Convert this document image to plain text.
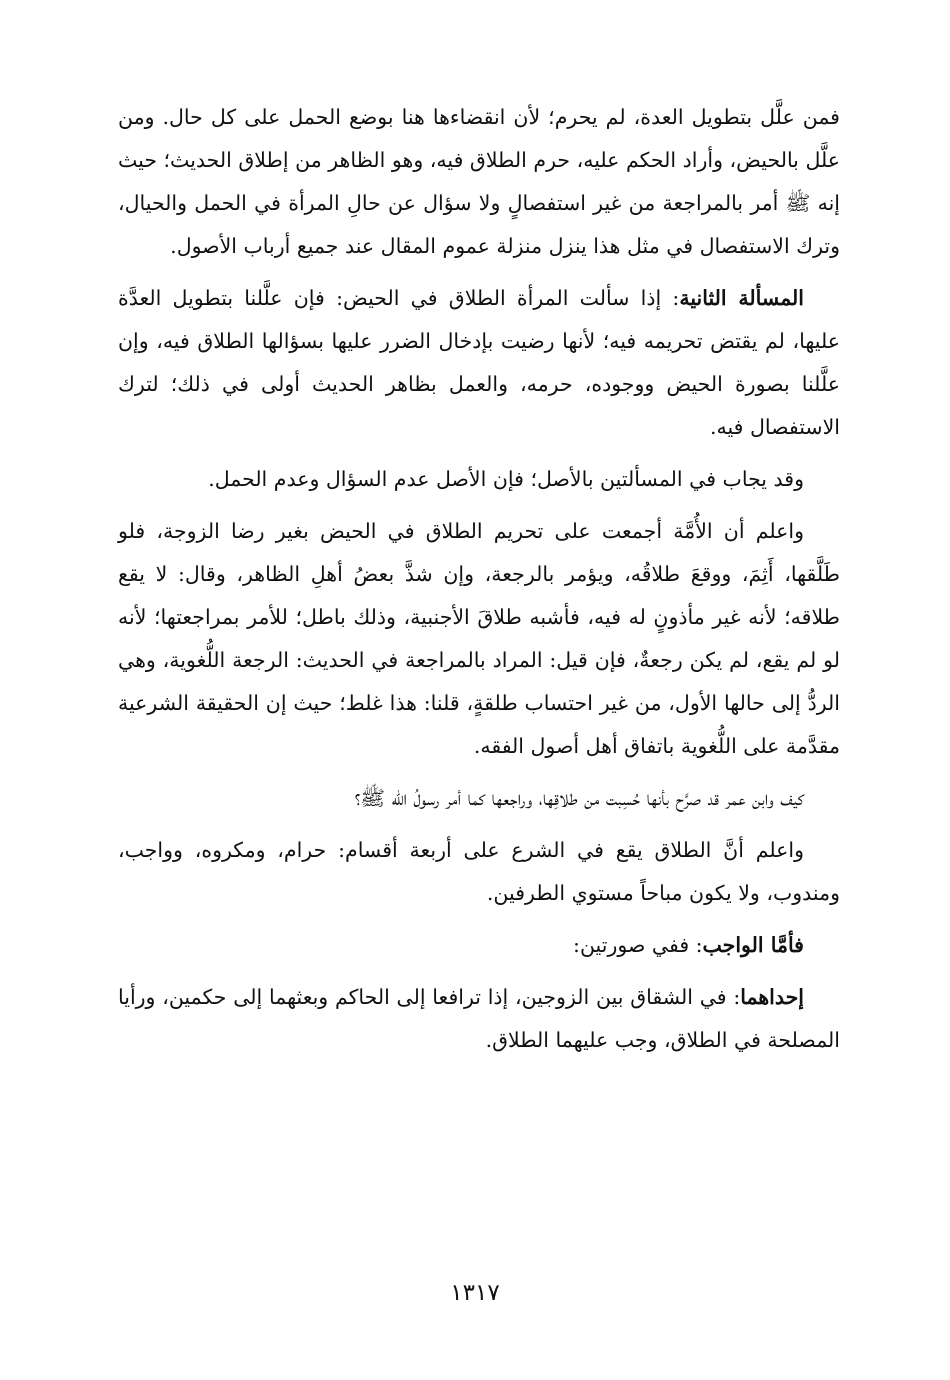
فمن علَّل بتطويل العدة، لم يحرم؛ لأن انقضاءها هنا بوضع الحمل على كل حال. ومن علَّل بالحيض، وأراد الحكم عليه، حرم الطلاق فيه، وهو الظاهر من إطلاق الحديث؛ حيث إنه ﷺ أمر بالمراجعة من غير استفصالٍ ولا سؤال عن حالِ المرأة في الحمل والحيال، وترك الاستفصال في مثل هذا ينزل منزلة عموم المقال عند جميع أرباب الأصول.

المسألة الثانية: إذا سألت المرأة الطلاق في الحيض: فإن علَّلنا بتطويل العدَّة عليها، لم يقتض تحريمه فيه؛ لأنها رضيت بإدخال الضرر عليها بسؤالها الطلاق فيه، وإن علَّلنا بصورة الحيض ووجوده، حرمه، والعمل بظاهر الحديث أولى في ذلك؛ لترك الاستفصال فيه.

وقد يجاب في المسألتين بالأصل؛ فإن الأصل عدم السؤال وعدم الحمل.

واعلم أن الأُمَّة أجمعت على تحريم الطلاق في الحيض بغير رضا الزوجة، فلو طَلَّقها، أَثِمَ، ووقعَ طلاقُه، ويؤمر بالرجعة، وإن شذَّ بعضُ أهلِ الظاهر، وقال: لا يقع طلاقه؛ لأنه غير مأذونٍ له فيه، فأشبه طلاقَ الأجنبية، وذلك باطل؛ للأمر بمراجعتها؛ لأنه لو لم يقع، لم يكن رجعةٌ، فإن قيل: المراد بالمراجعة في الحديث: الرجعة اللُّغوية، وهي الردُّ إلى حالها الأول، من غير احتساب طلقةٍ، قلنا: هذا غلط؛ حيث إن الحقيقة الشرعية مقدَّمة على اللُّغوية باتفاق أهل أصول الفقه.

كيف وابن عمر قد صرَّح بأنها حُسِبت من طلاقِها، وراجعها كما أمر رسولُ الله ﷺ؟

واعلم أنَّ الطلاق يقع في الشرع على أربعة أقسام: حرام، ومكروه، وواجب، ومندوب، ولا يكون مباحاً مستوي الطرفين.

فأمَّا الواجب: ففي صورتين:

إحداهما: في الشقاق بين الزوجين، إذا ترافعا إلى الحاكم وبعثهما إلى حكمين، ورأيا المصلحة في الطلاق، وجب عليهما الطلاق.

١٣١٧
